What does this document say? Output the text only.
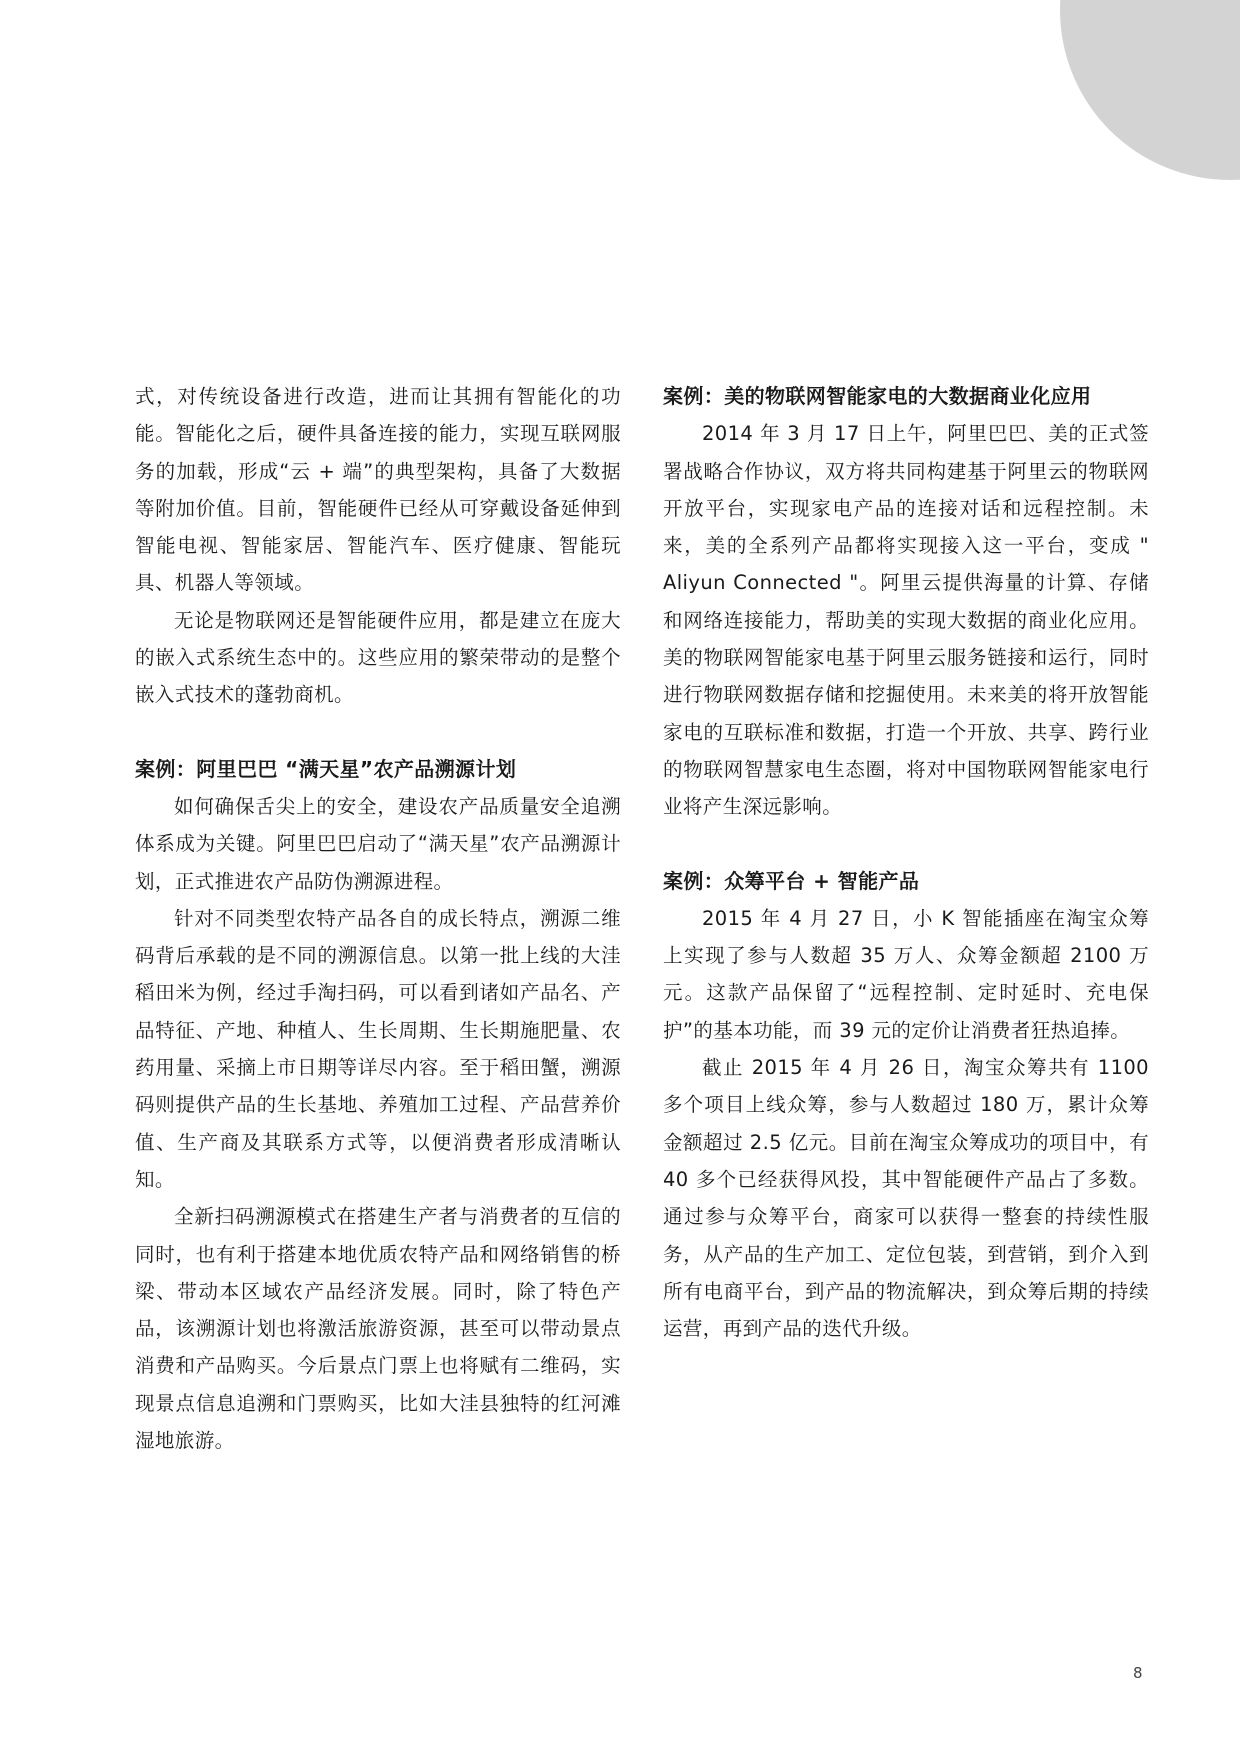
式，对传统设备进行改造，进而让其拥有智能化的功能。智能化之后，硬件具备连接的能力，实现互联网服务的加载，形成“云 + 端”的典型架构，具备了大数据等附加价值。目前，智能硬件已经从可穿戴设备延伸到智能电视、智能家居、智能汽车、医疗健康、智能玩具、机器人等领域。

无论是物联网还是智能硬件应用，都是建立在庞大的嵌入式系统生态中的。这些应用的繁荣带动的是整个嵌入式技术的蓬勃商机。

案例：阿里巴巴 “满天星”农产品溯源计划

如何确保舌尖上的安全，建设农产品质量安全追溯体系成为关键。阿里巴巴启动了“满天星”农产品溯源计划，正式推进农产品防伪溯源进程。

针对不同类型农特产品各自的成长特点，溯源二维码背后承载的是不同的溯源信息。以第一批上线的大洼稻田米为例，经过手淘扫码，可以看到诸如产品名、产品特征、产地、种植人、生长周期、生长期施肥量、农药用量、采摘上市日期等详尽内容。至于稻田蟹，溯源码则提供产品的生长基地、养殖加工过程、产品营养价值、生产商及其联系方式等，以便消费者形成清晰认知。

全新扫码溯源模式在搭建生产者与消费者的互信的同时，也有利于搭建本地优质农特产品和网络销售的桥梁、带动本区域农产品经济发展。同时，除了特色产品，该溯源计划也将激活旅游资源，甚至可以带动景点消费和产品购买。今后景点门票上也将赋有二维码，实现景点信息追溯和门票购买，比如大洼县独特的红河滩湿地旅游。

案例：美的物联网智能家电的大数据商业化应用

2014 年 3 月 17 日上午，阿里巴巴、美的正式签署战略合作协议，双方将共同构建基于阿里云的物联网开放平台，实现家电产品的连接对话和远程控制。未来，美的全系列产品都将实现接入这一平台，变成 " Aliyun Connected "。阿里云提供海量的计算、存储和网络连接能力，帮助美的实现大数据的商业化应用。美的物联网智能家电基于阿里云服务链接和运行，同时进行物联网数据存储和挖掘使用。未来美的将开放智能家电的互联标准和数据，打造一个开放、共享、跨行业的物联网智慧家电生态圈，将对中国物联网智能家电行业将产生深远影响。

案例：众筹平台 + 智能产品

2015 年 4 月 27 日，小 K 智能插座在淘宝众筹上实现了参与人数超 35 万人、众筹金额超 2100 万元。这款产品保留了“远程控制、定时延时、充电保护”的基本功能，而 39 元的定价让消费者狂热追捧。

截止 2015 年 4 月 26 日，淘宝众筹共有 1100 多个项目上线众筹，参与人数超过 180 万，累计众筹金额超过 2.5 亿元。目前在淘宝众筹成功的项目中，有 40 多个已经获得风投，其中智能硬件产品占了多数。通过参与众筹平台，商家可以获得一整套的持续性服务，从产品的生产加工、定位包装，到营销，到介入到所有电商平台，到产品的物流解决，到众筹后期的持续运营，再到产品的迭代升级。

8
